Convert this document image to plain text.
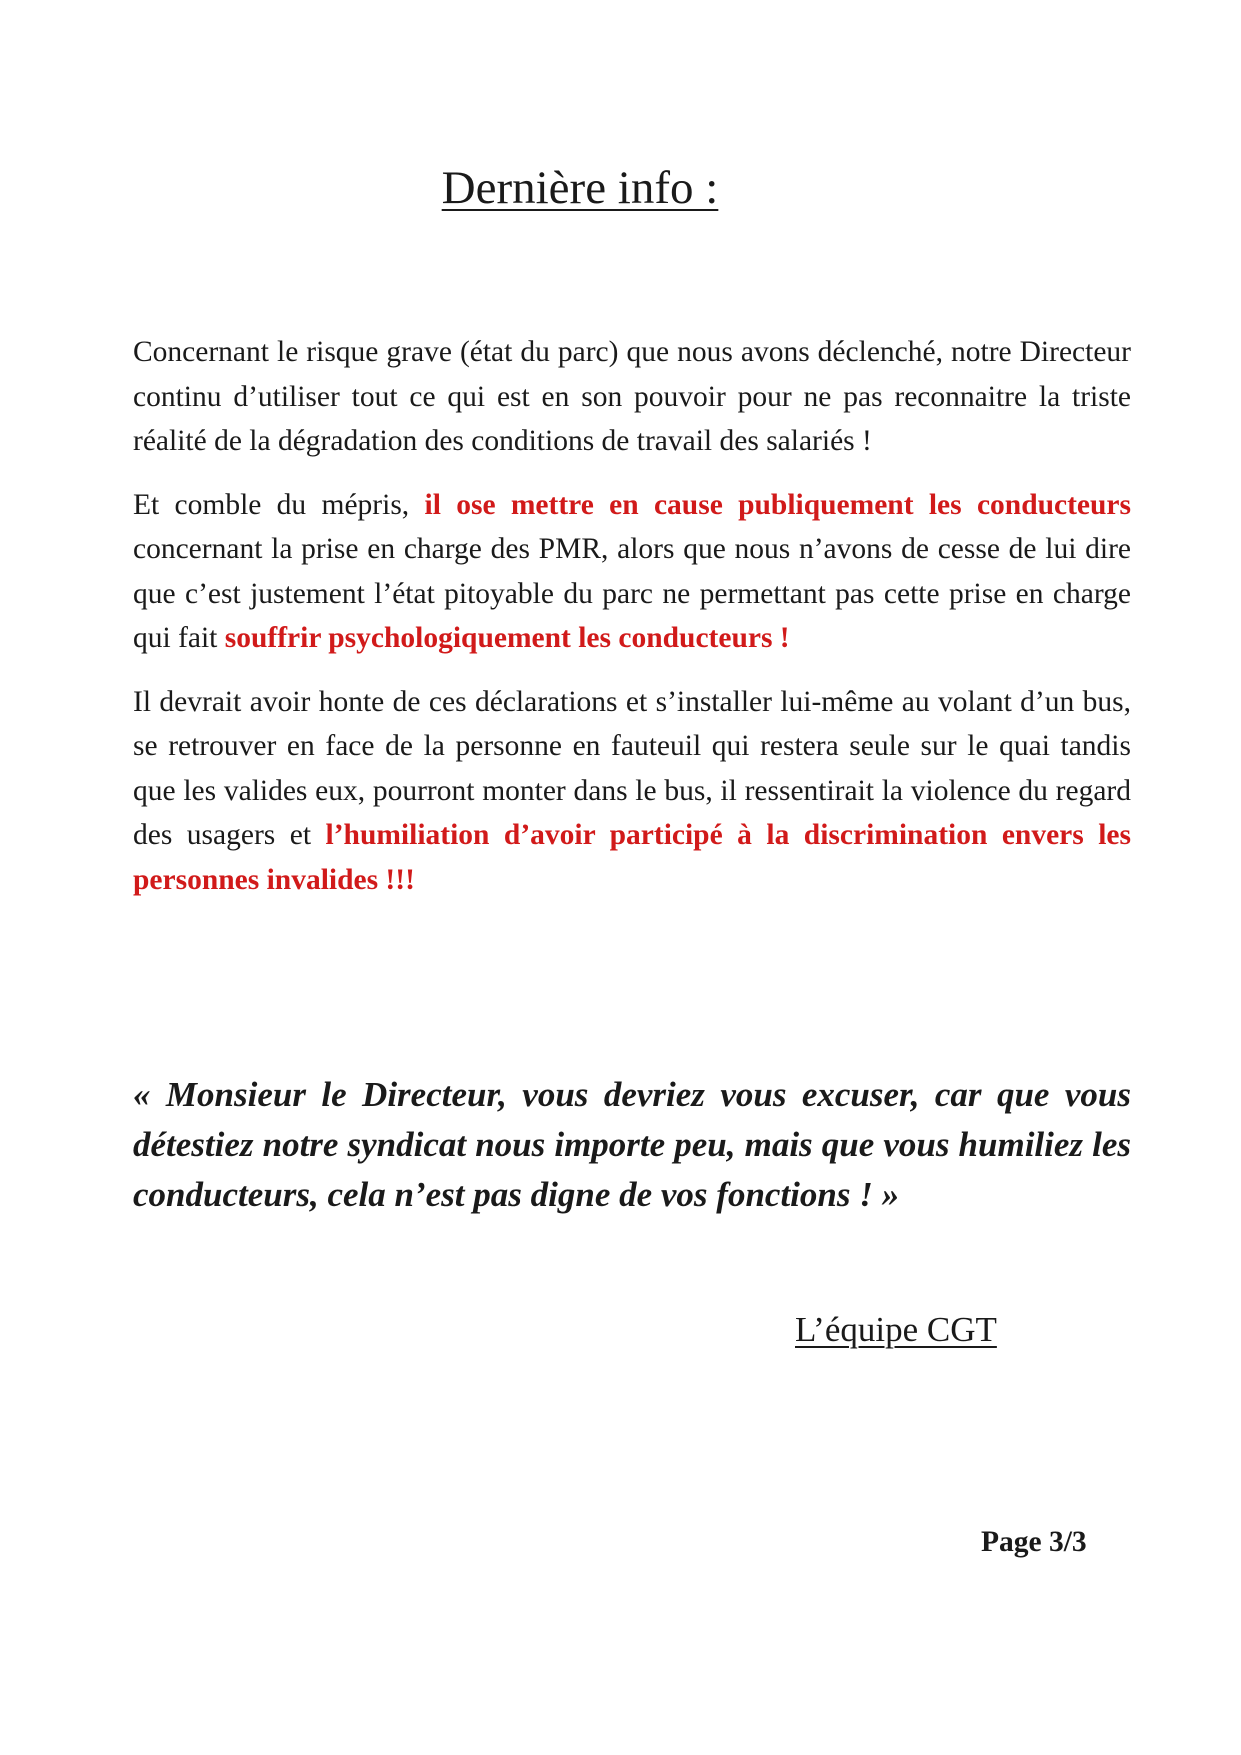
Dernière info :

Concernant le risque grave (état du parc) que nous avons déclenché, notre Directeur continu d’utiliser tout ce qui est en son pouvoir pour ne pas reconnaitre la triste réalité de la dégradation des conditions de travail des salariés !

Et comble du mépris, il ose mettre en cause publiquement les conducteurs concernant la prise en charge des PMR, alors que nous n’avons de cesse de lui dire que c’est justement l’état pitoyable du parc ne permettant pas cette prise en charge qui fait souffrir psychologiquement les conducteurs !

Il devrait avoir honte de ces déclarations et s’installer lui-même au volant d’un bus, se retrouver en face de la personne en fauteuil qui restera seule sur le quai tandis que les valides eux, pourront monter dans le bus, il ressentirait la violence du regard des usagers et l’humiliation d’avoir participé à la discrimination envers les personnes invalides !!!

« Monsieur le Directeur, vous devriez vous excuser, car que vous détestiez notre syndicat nous importe peu, mais que vous humiliez les conducteurs, cela n’est pas digne de vos fonctions ! »

L’équipe CGT
Page 3/3
